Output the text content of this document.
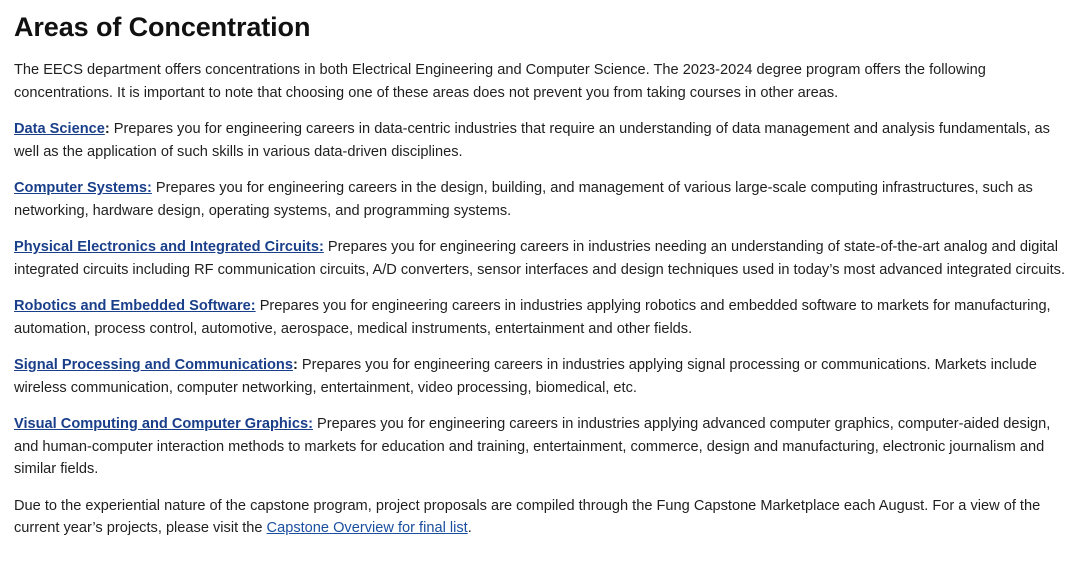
Areas of Concentration

The EECS department offers concentrations in both Electrical Engineering and Computer Science. The 2023-2024 degree program offers the following concentrations. It is important to note that choosing one of these areas does not prevent you from taking courses in other areas.

Data Science: Prepares you for engineering careers in data-centric industries that require an understanding of data management and analysis fundamentals, as well as the application of such skills in various data-driven disciplines.

Computer Systems: Prepares you for engineering careers in the design, building, and management of various large-scale computing infrastructures, such as networking, hardware design, operating systems, and programming systems.

Physical Electronics and Integrated Circuits: Prepares you for engineering careers in industries needing an understanding of state-of-the-art analog and digital integrated circuits including RF communication circuits, A/D converters, sensor interfaces and design techniques used in today’s most advanced integrated circuits.

Robotics and Embedded Software: Prepares you for engineering careers in industries applying robotics and embedded software to markets for manufacturing, automation, process control, automotive, aerospace, medical instruments, entertainment and other fields.

Signal Processing and Communications: Prepares you for engineering careers in industries applying signal processing or communications. Markets include wireless communication, computer networking, entertainment, video processing, biomedical, etc.

Visual Computing and Computer Graphics: Prepares you for engineering careers in industries applying advanced computer graphics, computer-aided design, and human-computer interaction methods to markets for education and training, entertainment, commerce, design and manufacturing, electronic journalism and similar fields.

Due to the experiential nature of the capstone program, project proposals are compiled through the Fung Capstone Marketplace each August. For a view of the current year’s projects, please visit the Capstone Overview for final list.
